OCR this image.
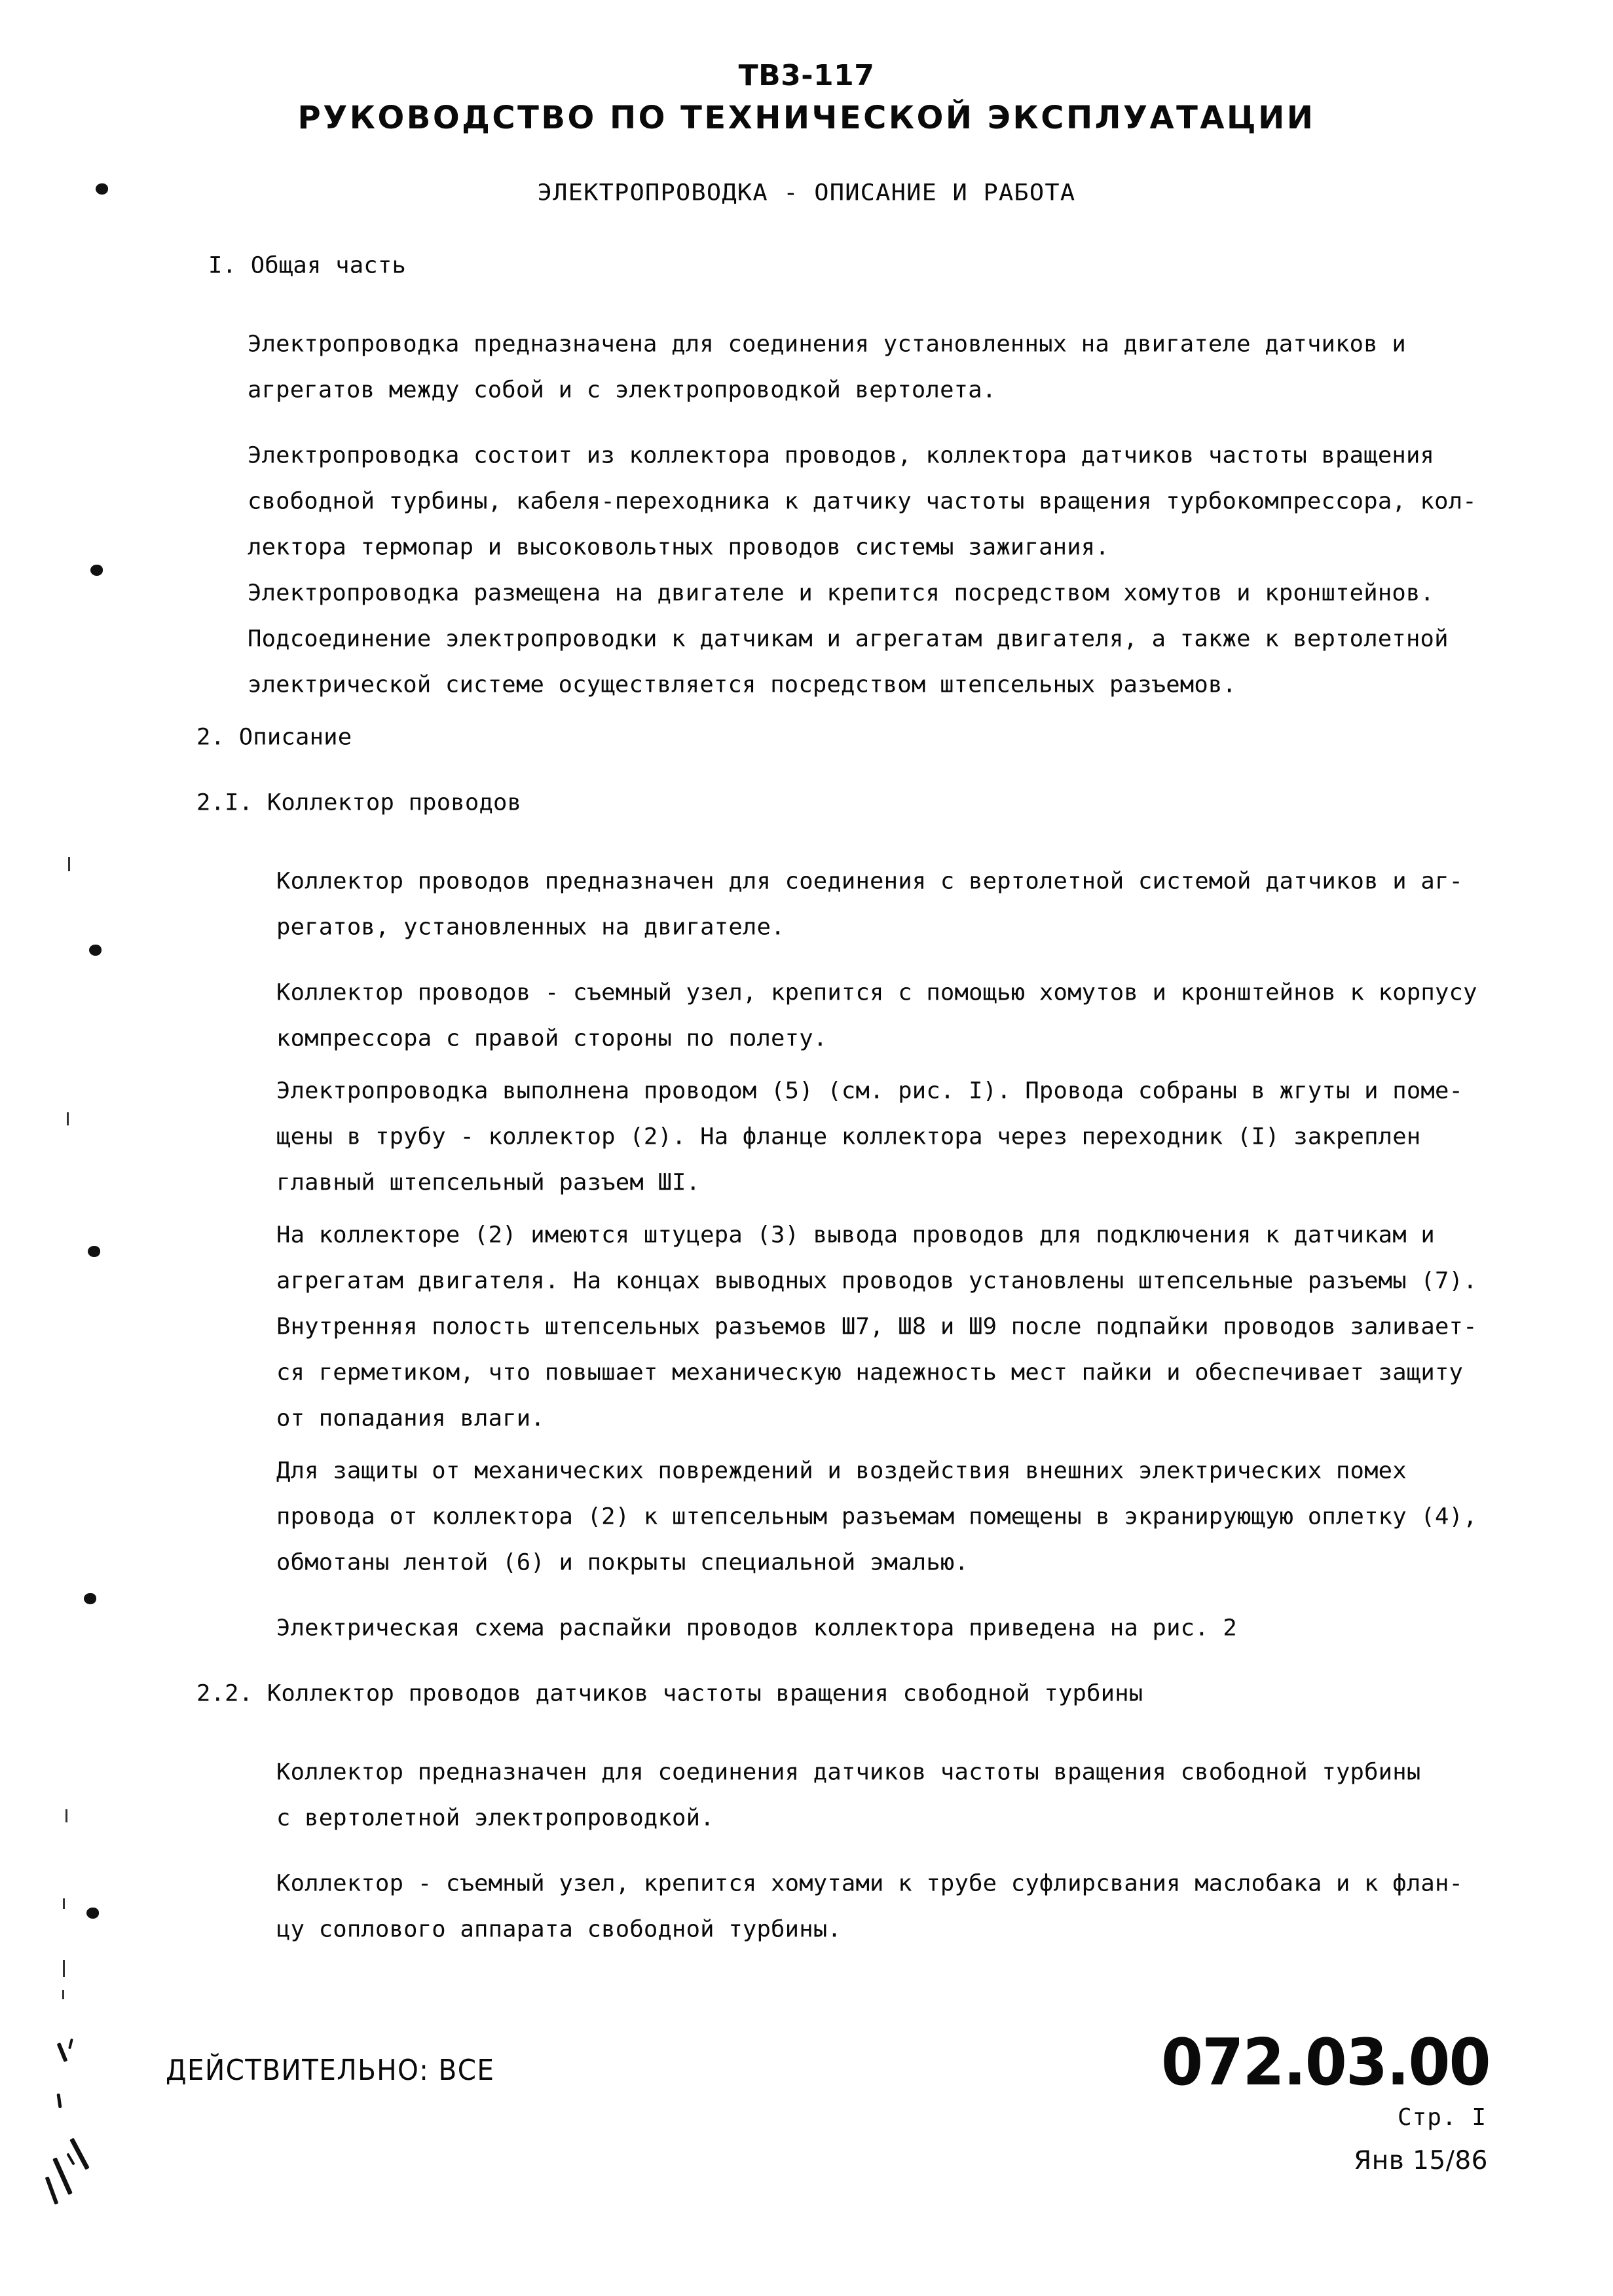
ТВ3-117
РУКОВОДСТВО ПО ТЕХНИЧЕСКОЙ ЭКСПЛУАТАЦИИ
ЭЛЕКТРОПРОВОДКА - ОПИСАНИЕ И РАБОТА
I. Общая часть
Электропроводка предназначена для соединения установленных на двигателе датчиков и
агрегатов между собой и с электропроводкой вертолета.
Электропроводка состоит из коллектора проводов, коллектора датчиков частоты вращения
свободной турбины, кабеля-переходника к датчику частоты вращения турбокомпрессора, кол-
лектора термопар и высоковольтных проводов системы зажигания.
Электропроводка размещена на двигателе и крепится посредством хомутов и кронштейнов.
Подсоединение электропроводки к датчикам и агрегатам двигателя, а также к вертолетной
электрической системе осуществляется посредством штепсельных разъемов.
2. Описание
2.I. Коллектор проводов
Коллектор проводов предназначен для соединения с вертолетной системой датчиков и аг-
регатов, установленных на двигателе.
Коллектор проводов - съемный узел, крепится с помощью хомутов и кронштейнов к корпусу
компрессора с правой стороны по полету.
Электропроводка выполнена проводом (5) (см. рис. I). Провода собраны в жгуты и поме-
щены в трубу - коллектор (2). На фланце коллектора через переходник (I) закреплен
главный штепсельный разъем ШI.
На коллекторе (2) имеются штуцера (3) вывода проводов для подключения к датчикам и
агрегатам двигателя. На концах выводных проводов установлены штепсельные разъемы (7).
Внутренняя полость штепсельных разъемов Ш7, Ш8 и Ш9 после подпайки проводов заливает-
ся герметиком, что повышает механическую надежность мест пайки и обеспечивает защиту
от попадания влаги.
Для защиты от механических повреждений и воздействия внешних электрических помех
провода от коллектора (2) к штепсельным разъемам помещены в экранирующую оплетку (4),
обмотаны лентой (6) и покрыты специальной эмалью.
Электрическая схема распайки проводов коллектора приведена на рис. 2
2.2. Коллектор проводов датчиков частоты вращения свободной турбины
Коллектор предназначен для соединения датчиков частоты вращения свободной турбины
с вертолетной электропроводкой.
Коллектор - съемный узел, крепится хомутами к трубе суфлирсвания маслобака и к флан-
цу соплового аппарата свободной турбины.
ДЕЙСТВИТЕЛЬНО: ВСЕ	072.03.00
Стр. I
Янв 15/86
